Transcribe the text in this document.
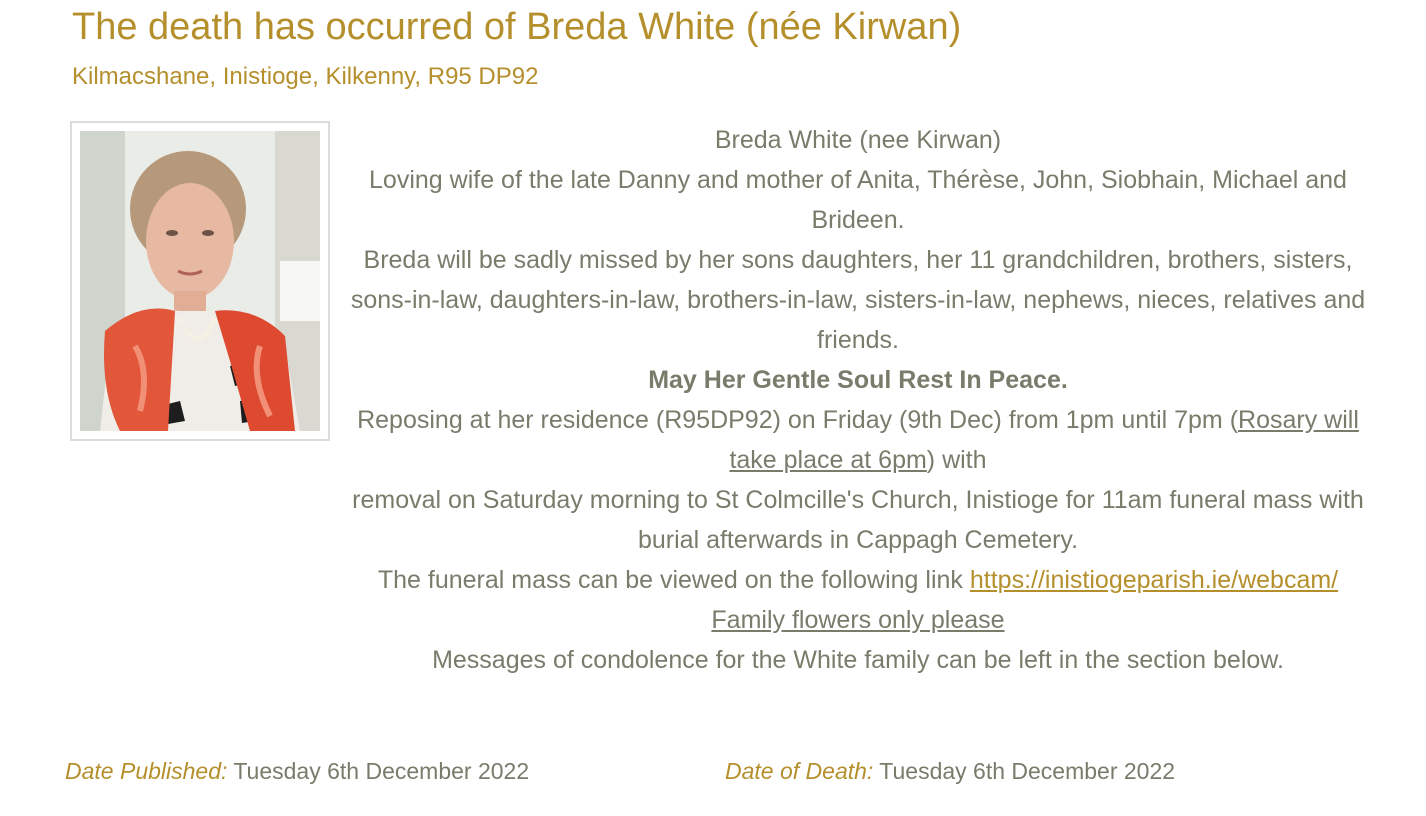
The death has occurred of Breda White (née Kirwan)
Kilmacshane, Inistioge, Kilkenny, R95 DP92

Breda White (nee Kirwan)

Loving wife of the late Danny and mother of Anita, Thérèse, John, Siobhain, Michael and Brideen.

Breda will be sadly missed by her sons daughters, her 11 grandchildren, brothers, sisters, sons-in-law, daughters-in-law, brothers-in-law, sisters-in-law, nephews, nieces, relatives and friends.

May Her Gentle Soul Rest In Peace.

Reposing at her residence (R95DP92) on Friday (9th Dec) from 1pm until 7pm (Rosary will take place at 6pm) with

removal on Saturday morning to St Colmcille's Church, Inistioge for 11am funeral mass with burial afterwards in Cappagh Cemetery.

The funeral mass can be viewed on the following link https://inistiogeparish.ie/webcam/

Family flowers only please

Messages of condolence for the White family can be left in the section below.

Date Published: Tuesday 6th December 2022	Date of Death: Tuesday 6th December 2022
